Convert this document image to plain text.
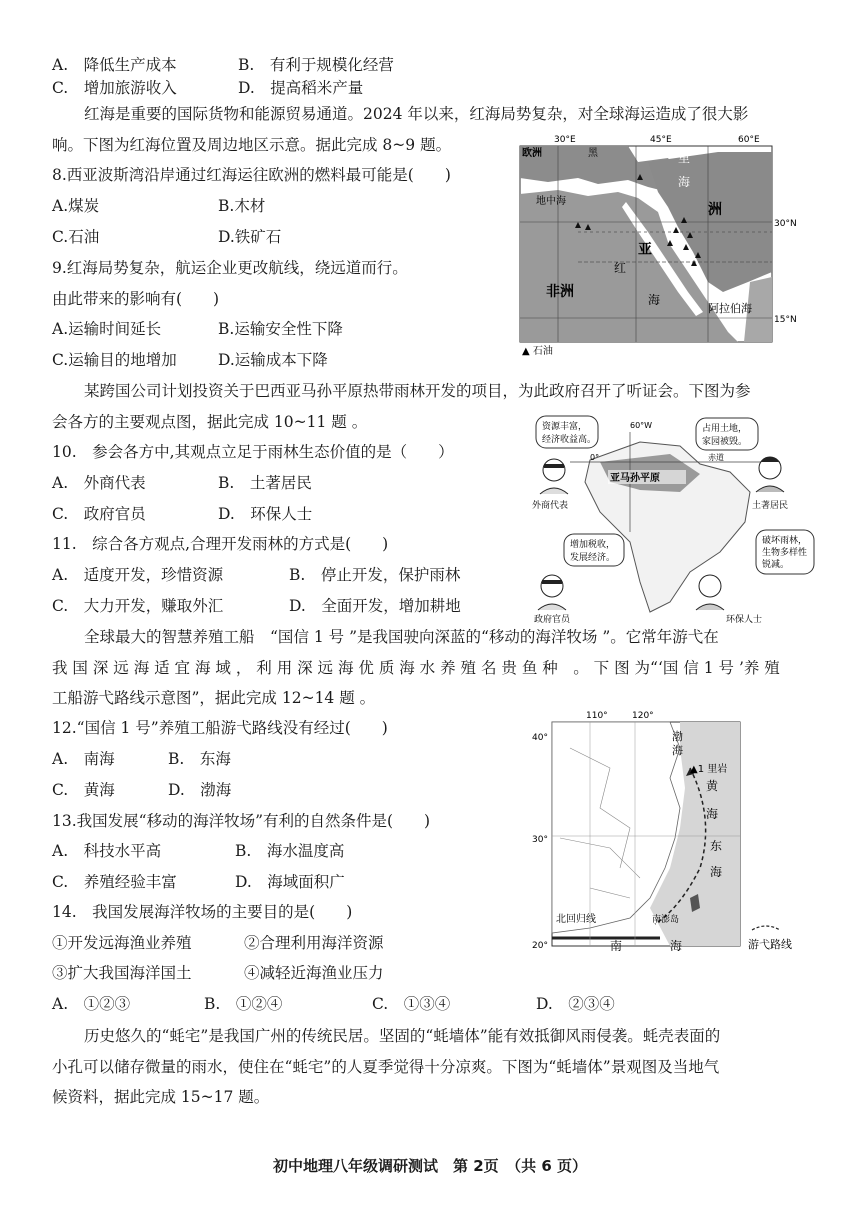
A.　降低生产成本	B.　有利于规模化经营
C.　增加旅游收入	D.　提高稻米产量
红海是重要的国际货物和能源贸易通道。2024 年以来，红海局势复杂，对全球海运造成了很大影
响。下图为红海位置及周边地区示意。据此完成 8~9 题。
8.西亚波斯湾沿岸通过红海运往欧洲的燃料最可能是(　　)
A.煤炭	B.木材
C.石油	D.铁矿石
9.红海局势复杂，航运企业更改航线，绕远道而行。
由此带来的影响有(　　)
A.运输时间延长	B.运输安全性下降
C.运输目的地增加	D.运输成本下降
30°E	45°E	60°E
30°N
15°N
欧洲	黑	里
海
洲
地中海
亚
非洲
红
海
阿拉伯海
▲ 石油
某跨国公司计划投资关于巴西亚马孙平原热带雨林开发的项目，为此政府召开了听证会。下图为参
会各方的主要观点图，据此完成 10~11 题 。
10.　参会各方中,其观点立足于雨林生态价值的是（　　）
A.　外商代表	B.　土著居民
C.　政府官员	D.　环保人士
11.　综合各方观点,合理开发雨林的方式是(　　)
A.　适度开发，珍惜资源	B.　停止开发，保护雨林
C.　大力开发，赚取外汇	D.　全面开发，增加耕地
60°W
0°	赤道
亚马孙平原
资源丰富，
经济收益高。
占用土地，
家园被毁。
增加税收，
发展经济。
破坏雨林，
生物多样性
锐减。
外商代表	土著居民
政府官员	环保人士
全球最大的智慧养殖工船　“国信 1 号 ”是我国驶向深蓝的“移动的海洋牧场 ”。它常年游弋在
我 国 深 远 海 适 宜 海 域 ， 利 用 深 远 海 优 质 海 水 养 殖 名 贵 鱼 种　。 下 图 为“‘国 信 1 号 ’养 殖
工船游弋路线示意图”，据此完成 12~14 题 。
12.“国信 1 号”养殖工船游弋路线没有经过(　　)
A.　南海	B.　东海
C.　黄海	D.　渤海
13.我国发展“移动的海洋牧场”有利的自然条件是(　　)
A.　科技水平高	B.　海水温度高
C.　养殖经验丰富	D.　海域面积广
14.　我国发展海洋牧场的主要目的是(　　)
①开发远海渔业养殖	②合理利用海洋资源
③扩大我国海洋国土	④减轻近海渔业压力
A.　①②③	B.　①②④	C.　①③④	D.　②③④
110°	120°
40°
30°
20°
渤
海
▲1 里岩
黄
海
东
海
南澎岛
北回归线
南	海	游弋路线
历史悠久的“蚝宅”是我国广州的传统民居。坚固的“蚝墙体”能有效抵御风雨侵袭。蚝壳表面的
小孔可以储存微量的雨水，使住在“蚝宅”的人夏季觉得十分凉爽。下图为“蚝墙体”景观图及当地气
候资料，据此完成 15~17 题。
初中地理八年级调研测试　第 2页　（共 6 页）
